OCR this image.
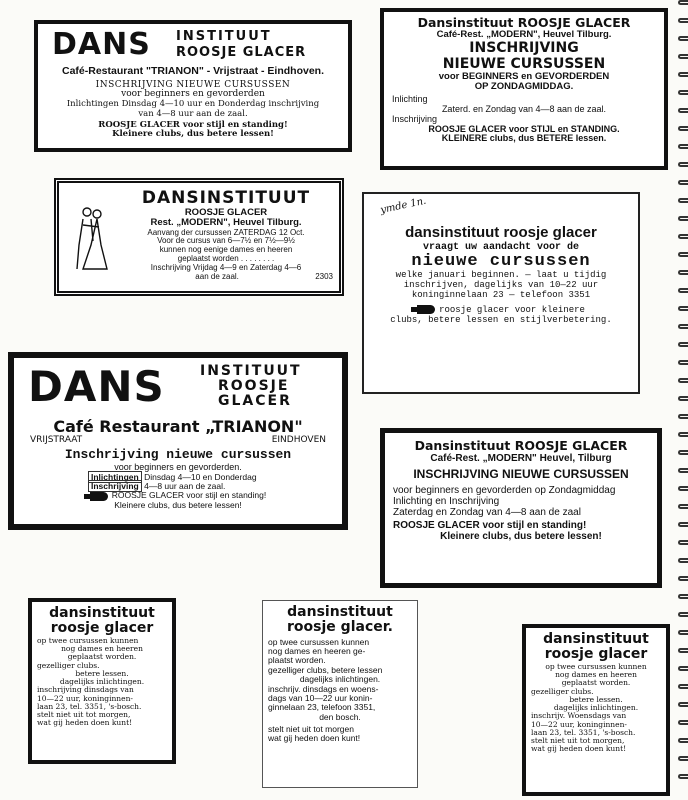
DANS INSTITUUT
ROOSJE GLACER
Café-Restaurant "TRIANON" - Vrijstraat - Eindhoven.
INSCHRIJVING NIEUWE CURSUSSEN
voor beginners en gevorderden
Inlichtingen Dinsdag 4—10 uur en Donderdag inschrijving
van 4—8 uur aan de zaal.
ROOSJE GLACER voor stijl en standing!
Kleinere clubs, dus betere lessen!
Dansinstituut ROOSJE GLACER
Café-Rest. „MODERN", Heuvel Tilburg.
INSCHRIJVING
NIEUWE CURSUSSEN
voor BEGINNERS en GEVORDERDEN
OP ZONDAGMIDDAG.
Inlichting
Zaterd. en Zondag van 4—8 aan de zaal.
Inschrijving
ROOSJE GLACER voor STIJL en STANDING.
KLEINERE clubs, dus BETERE lessen.
DANSINSTITUUT
ROOSJE GLACER
Rest. „MODERN", Heuvel Tilburg.
Aanvang der cursussen ZATERDAG 12 Oct.
Voor de cursus van 6—7½ en 7½—9½
kunnen nog eenige dames en heeren
geplaatst worden . . . . . . . .
Inschrijving Vrijdag 4—9 en Zaterdag 4—6
aan de zaal.	2303
ymde 1n.
dansinstituut roosje glacer
vraagt uw aandacht voor de
nieuwe cursussen
welke januari beginnen. — laat u tijdig
inschrijven, dagelijks van 10—22 uur
koninginnelaan 23 — telefoon 3351
roosje glacer voor kleinere
clubs, betere lessen en stijlverbetering.
DANS	INSTITUUT
ROOSJE
GLACER
Café Restaurant „TRIANON"
VRIJSTRAAT	EINDHOVEN
Inschrijving nieuwe cursussen
voor beginners en gevorderden.
Inlichtingen Dinsdag 4—10 en Donderdag
Inschrijving 4—8 uur aan de zaal.
ROOSJE GLACER voor stijl en standing!
Kleinere clubs, dus betere lessen!
Dansinstituut ROOSJE GLACER
Café-Rest. „MODERN" Heuvel, Tilburg
INSCHRIJVING NIEUWE CURSUSSEN
voor beginners en gevorderden op Zondagmiddag
Inlichting en Inschrijving
Zaterdag en Zondag van 4—8 aan de zaal
ROOSJE GLACER voor stijl en standing!
Kleinere clubs, dus betere lessen!
dansinstituut
roosje glacer
op twee cursussen kunnen
nog dames en heeren
geplaatst worden.
gezelliger clubs.
betere lessen.
dagelijks inlichtingen.
inschrijving dinsdags van
10—22 uur, koninginnen-
laan 23, tel. 3351, 's-bosch.
stelt niet uit tot morgen,
wat gij heden doen kunt!
dansinstituut
roosje glacer.
op twee cursussen kunnen
nog dames en heeren ge-
plaatst worden.
gezelliger clubs, betere lessen
dagelijks inlichtingen.
inschrijv. dinsdags en woens-
dags van 10—22 uur konin-
ginnelaan 23, telefoon 3351,
den bosch.
stelt niet uit tot morgen
wat gij heden doen kunt!
dansinstituut
roosje glacer
op twee cursussen kunnen
nog dames en heeren
geplaatst worden.
gezelliger clubs.
betere lessen.
dagelijks inlichtingen.
inschrijv. Woensdags van
10—22 uur, koninginnen-
laan 23, tel. 3351, 's-bosch.
stelt niet uit tot morgen,
wat gij heden doen kunt!
